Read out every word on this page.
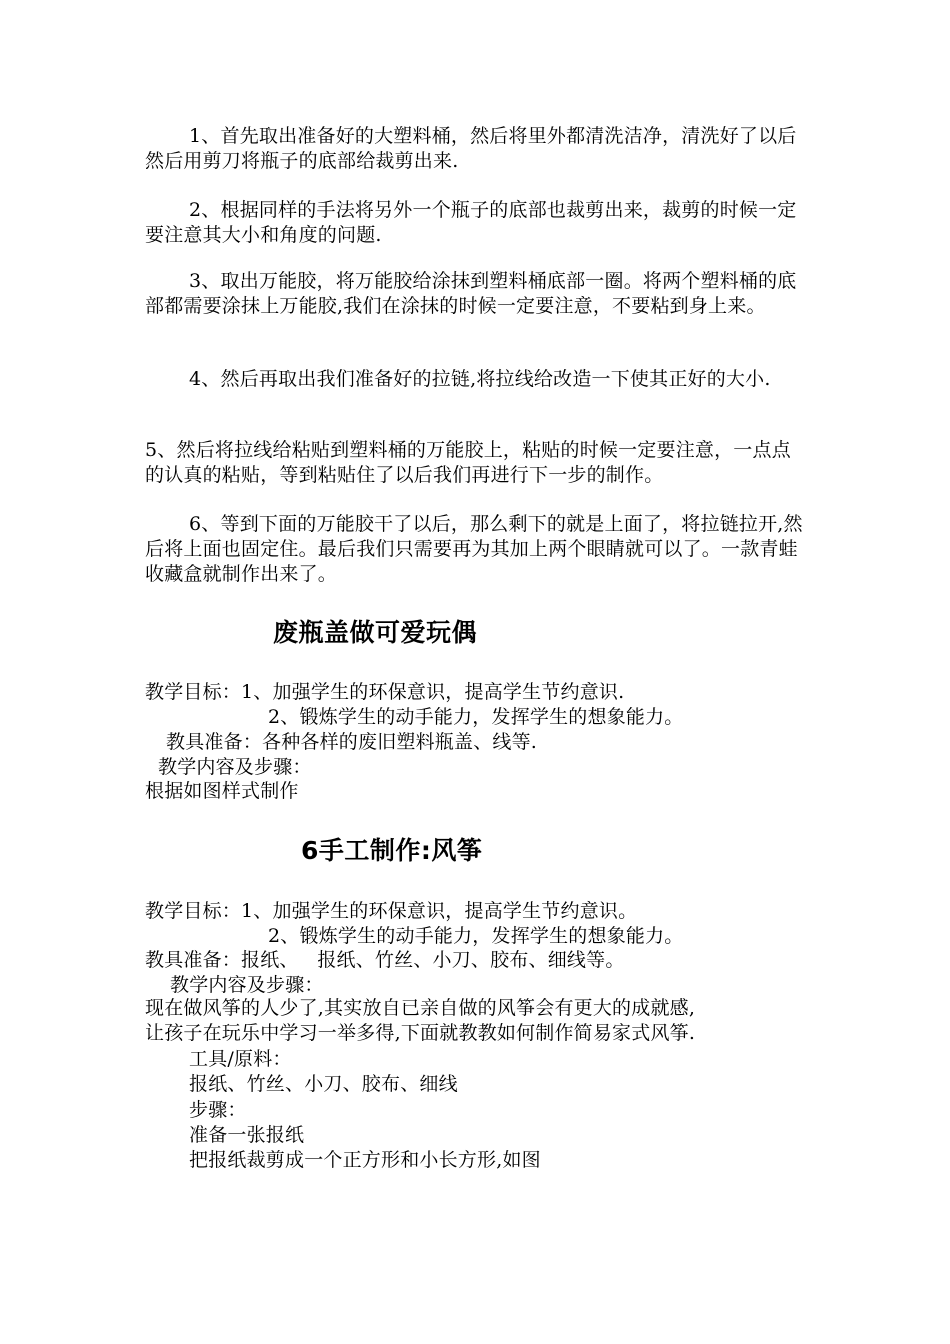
1、首先取出准备好的大塑料桶，然后将里外都清洗洁净，清洗好了以后然后用剪刀将瓶子的底部给裁剪出来.

2、根据同样的手法将另外一个瓶子的底部也裁剪出来，裁剪的时候一定要注意其大小和角度的问题.

3、取出万能胶，将万能胶给涂抹到塑料桶底部一圈。将两个塑料桶的底部都需要涂抹上万能胶,我们在涂抹的时候一定要注意，不要粘到身上来。

4、然后再取出我们准备好的拉链,将拉线给改造一下使其正好的大小.

5、然后将拉线给粘贴到塑料桶的万能胶上，粘贴的时候一定要注意，一点点的认真的粘贴，等到粘贴住了以后我们再进行下一步的制作。

6、等到下面的万能胶干了以后，那么剩下的就是上面了，将拉链拉开,然后将上面也固定住。最后我们只需要再为其加上两个眼睛就可以了。一款青蛙收藏盒就制作出来了。

废瓶盖做可爱玩偶

教学目标：1、加强学生的环保意识，提高学生节约意识.

2、锻炼学生的动手能力，发挥学生的想象能力。

教具准备：各种各样的废旧塑料瓶盖、线等.

教学内容及步骤：

根据如图样式制作

6手工制作:风筝

教学目标：1、加强学生的环保意识，提高学生节约意识。

2、锻炼学生的动手能力，发挥学生的想象能力。

教具准备：报纸、   报纸、竹丝、小刀、胶布、细线等。

教学内容及步骤：

现在做风筝的人少了,其实放自已亲自做的风筝会有更大的成就感,

让孩子在玩乐中学习一举多得,下面就教教如何制作简易家式风筝.

工具/原料：

报纸、竹丝、小刀、胶布、细线

步骤：

准备一张报纸

把报纸裁剪成一个正方形和小长方形,如图
